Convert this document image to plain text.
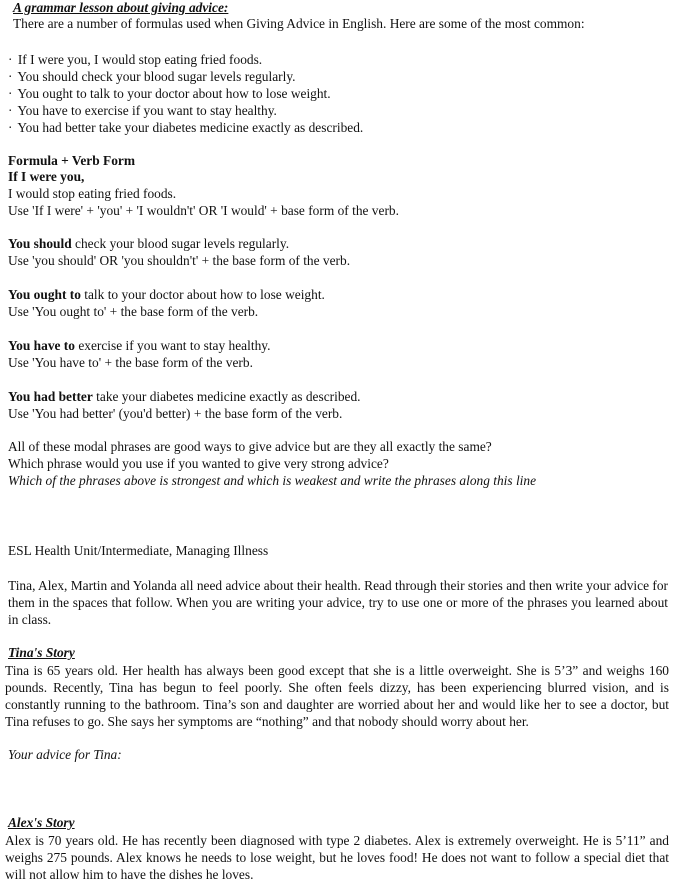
A grammar lesson about giving advice:
There are a number of formulas used when Giving Advice in English. Here are some of the most common:
· If I were you, I would stop eating fried foods.
· You should check your blood sugar levels regularly.
· You ought to talk to your doctor about how to lose weight.
· You have to exercise if you want to stay healthy.
· You had better take your diabetes medicine exactly as described.
Formula + Verb Form
If I were you,
I would stop eating fried foods.
Use 'If I were' + 'you' + 'I wouldn't' OR 'I would' + base form of the verb.
You should check your blood sugar levels regularly.
Use 'you should' OR 'you shouldn't' + the base form of the verb.
You ought to talk to your doctor about how to lose weight.
Use 'You ought to' + the base form of the verb.
You have to exercise if you want to stay healthy.
Use 'You have to' + the base form of the verb.
You had better take your diabetes medicine exactly as described.
Use 'You had better' (you'd better) + the base form of the verb.
All of these modal phrases are good ways to give advice but are they all exactly the same?
Which phrase would you use if you wanted to give very strong advice?
Which of the phrases above is strongest and which is weakest and write the phrases along this line
ESL Health Unit/Intermediate, Managing Illness
Tina, Alex, Martin and Yolanda all need advice about their health. Read through their stories and then write your advice for them in the spaces that follow. When you are writing your advice, try to use one or more of the phrases you learned about in class.
Tina's Story
Tina is 65 years old. Her health has always been good except that she is a little overweight. She is 5’3” and weighs 160 pounds. Recently, Tina has begun to feel poorly. She often feels dizzy, has been experiencing blurred vision, and is constantly running to the bathroom. Tina’s son and daughter are worried about her and would like her to see a doctor, but Tina refuses to go. She says her symptoms are “nothing” and that nobody should worry about her.
Your advice for Tina:
Alex's Story
Alex is 70 years old. He has recently been diagnosed with type 2 diabetes. Alex is extremely overweight. He is 5’11” and weighs 275 pounds. Alex knows he needs to lose weight, but he loves food! He does not want to follow a special diet that will not allow him to have the dishes he loves.
